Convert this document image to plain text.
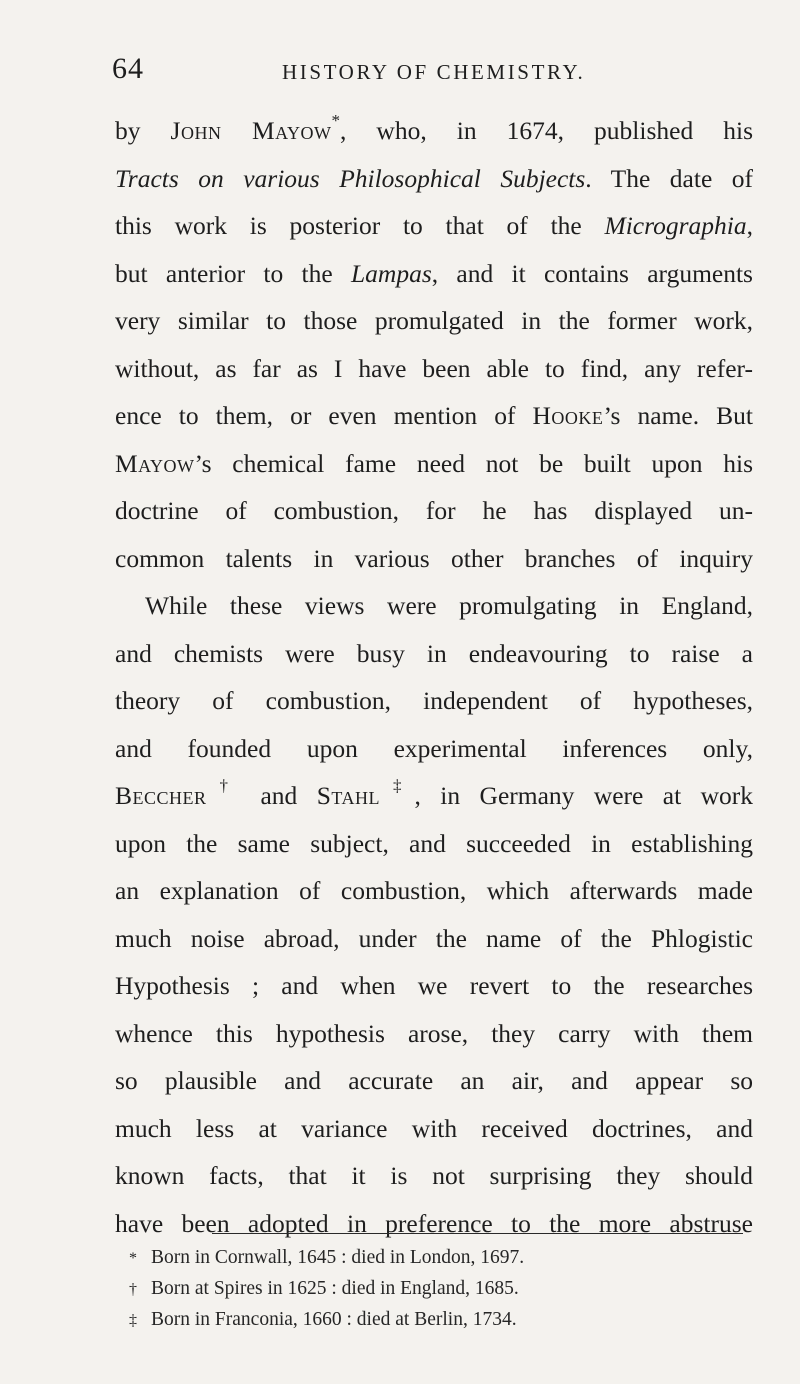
64	HISTORY OF CHEMISTRY.
by John Mayow*, who, in 1674, published his
Tracts on various Philosophical Subjects. The date of
this work is posterior to that of the Micrographia,
but anterior to the Lampas, and it contains arguments
very similar to those promulgated in the former work,
without, as far as I have been able to find, any refer-
ence to them, or even mention of Hooke’s name. But
Mayow’s chemical fame need not be built upon his
doctrine of combustion, for he has displayed un-
common talents in various other branches of inquiry
While these views were promulgating in England,
and chemists were busy in endeavouring to raise a
theory of combustion, independent of hypotheses,
and founded upon experimental inferences only,
Beccher† and Stahl‡, in Germany were at work
upon the same subject, and succeeded in establishing
an explanation of combustion, which afterwards made
much noise abroad, under the name of the Phlogistic
Hypothesis ; and when we revert to the researches
whence this hypothesis arose, they carry with them
so plausible and accurate an air, and appear so
much less at variance with received doctrines, and
known facts, that it is not surprising they should
have been adopted in preference to the more abstruse
* Born in Cornwall, 1645 : died in London, 1697.
† Born at Spires in 1625 : died in England, 1685.
‡ Born in Franconia, 1660 : died at Berlin, 1734.
